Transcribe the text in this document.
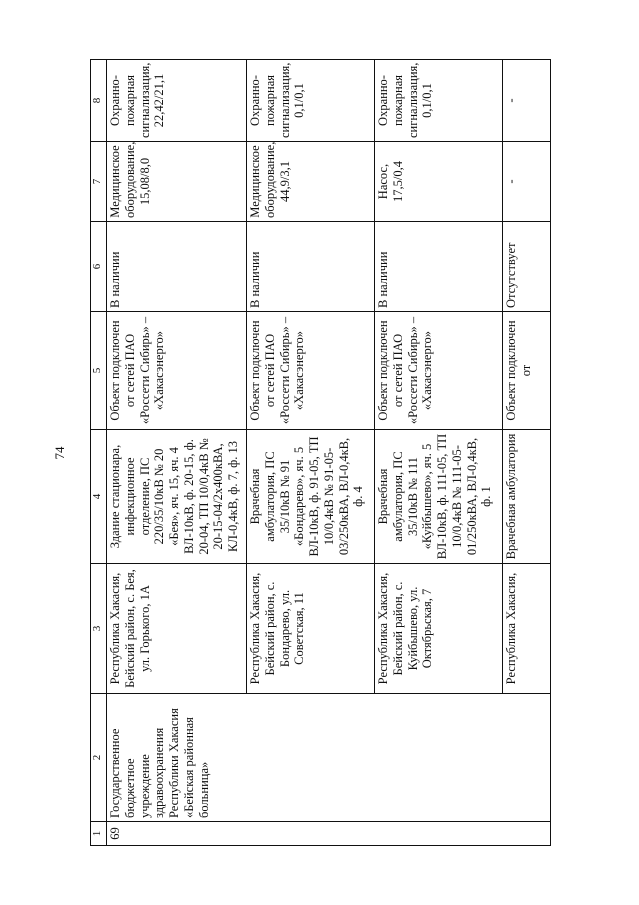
74
1	2	3	4	5	6	7	8
69	Государственное бюджетное учреждение здравоохранения Республики Хакасия «Бейская районная больница»	Республика Хакасия, Бейский район, с. Бея, ул. Горького, 1А	Здание стационара, инфекционное отделение, ПС 220/35/10кВ № 20 «Бея», яч. 15, яч. 4 ВЛ-10кВ, ф. 20-15, ф. 20-04, ТП 10/0,4кВ № 20-15-04/2х400кВА, КЛ-0,4кВ, ф. 7, ф. 13	Объект подключен от сетей ПАО «Россети Сибирь» – «Хакасэнерго»	В наличии	Медицинское оборудование, 15,08/8,0	Охранно-пожарная сигнализация, 22,42/21,1
		Республика Хакасия, Бейский район, с. Бондарево, ул. Советская, 11	Врачебная амбулатория, ПС 35/10кВ № 91 «Бондарево», яч. 5 ВЛ-10кВ, ф. 91-05, ТП 10/0,4кВ № 91-05-03/250кВА, ВЛ-0,4кВ, ф. 4	Объект подключен от сетей ПАО «Россети Сибирь» – «Хакасэнерго»	В наличии	Медицинское оборудование, 44,9/3,1	Охранно-пожарная сигнализация, 0,1/0,1
		Республика Хакасия, Бейский район, с. Куйбышево, ул. Октябрьская, 7	Врачебная амбулатория, ПС 35/10кВ № 111 «Куйбышево», яч. 5 ВЛ-10кВ, ф. 111-05, ТП 10/0,4кВ № 111-05-01/250кВА, ВЛ-0,4кВ, ф. 1	Объект подключен от сетей ПАО «Россети Сибирь» – «Хакасэнерго»	В наличии	Насос, 17,5/0,4	Охранно-пожарная сигнализация, 0,1/0,1
		Республика Хакасия,	Врачебная амбулатория	Объект подключен от	Отсутствует	-	-
